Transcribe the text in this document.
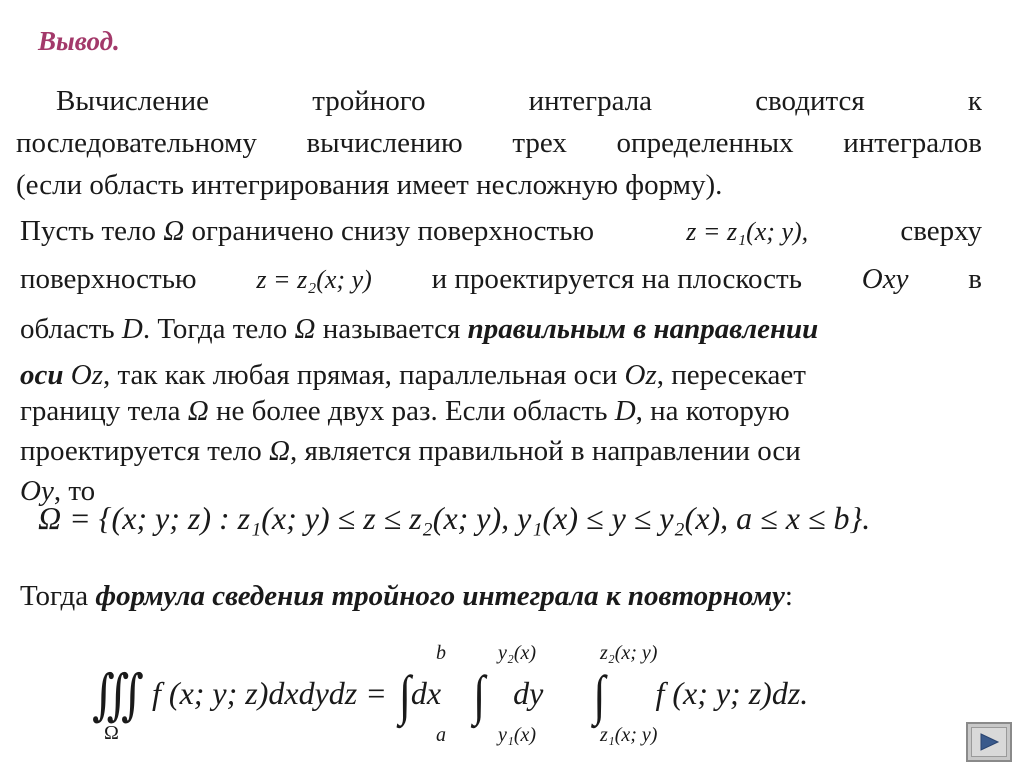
Вывод.
Вычисление	тройного	интеграла	сводится	к
последовательному вычислению трех определенных интегралов
(если область интегрирования имеет несложную форму).
Пусть тело Ω ограничено снизу поверхностью	z = z₁(x; y),	сверху
поверхностью z = z₂(x; y) и проектируется на плоскость Oxy в
область D. Тогда тело Ω называется правильным в направлении
оси Oz, так как любая прямая, параллельная оси Oz, пересекает
границу тела Ω не более двух раз. Если область D, на которую
проектируется тело Ω, является правильной в направлении оси
Oy, то
Ω = {(x; y; z) : z₁(x; y) ≤ z ≤ z₂(x; y), y₁(x) ≤ y ≤ y₂(x), a ≤ x ≤ b}.
Тогда формула сведения тройного интеграла к повторному:
∭ f (x; y; z)dxdydz = ∫dx ∫ dy ∫ f (x; y; z)dz.
Ω
b
a
y₂(x)
y₁(x)
z₂(x; y)
z₁(x; y)
